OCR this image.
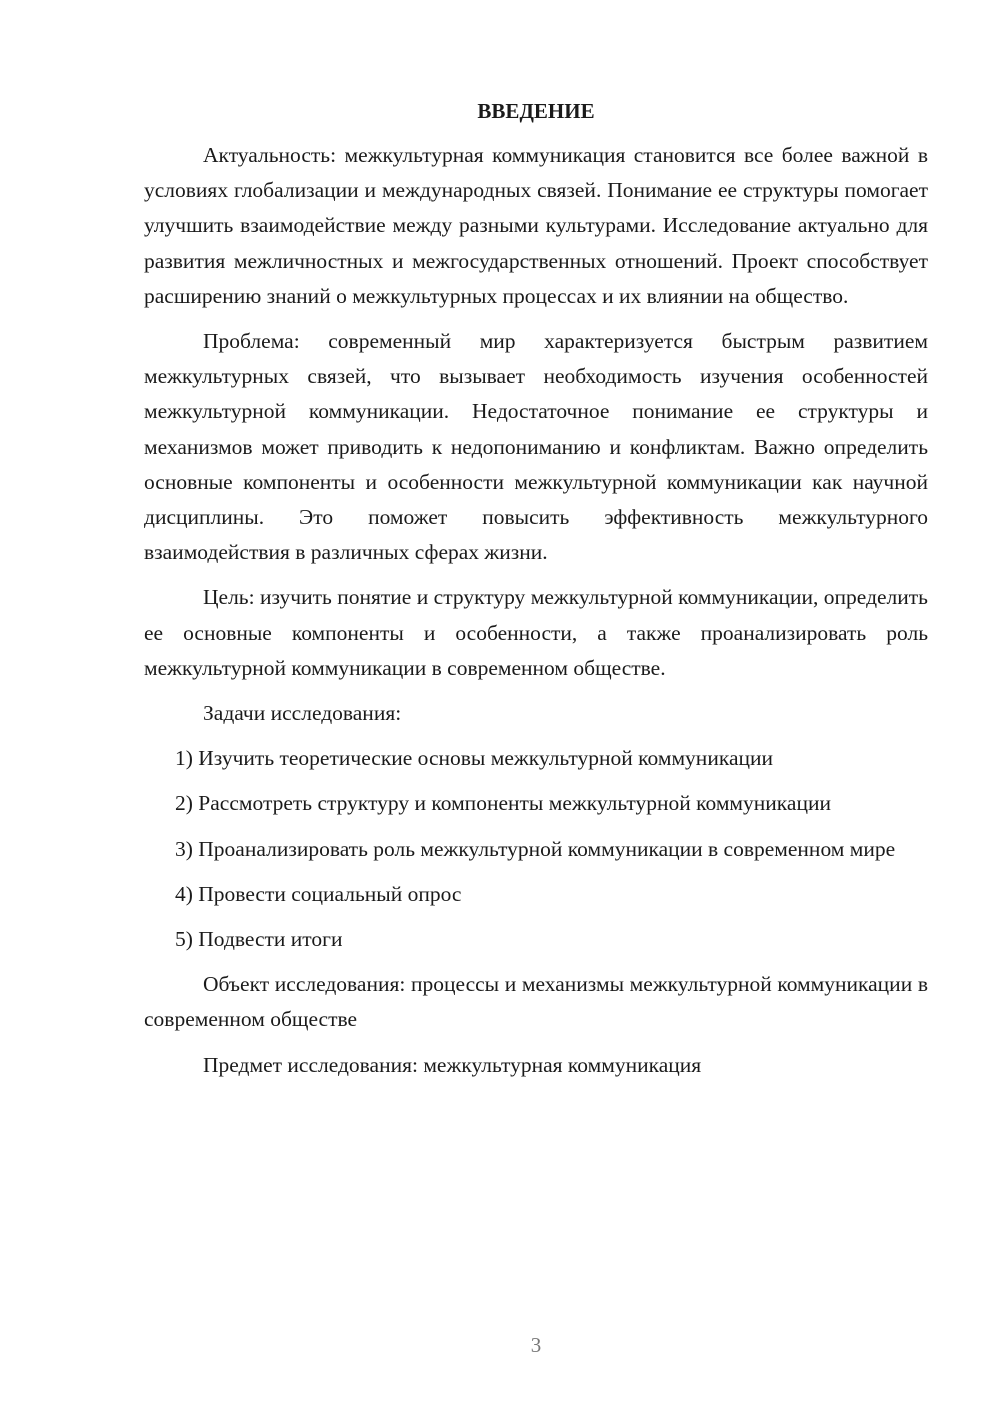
ВВЕДЕНИЕ

Актуальность: межкультурная коммуникация становится все более важной в условиях глобализации и международных связей. Понимание ее структуры помогает улучшить взаимодействие между разными культурами. Исследование актуально для развития межличностных и межгосударственных отношений. Проект способствует расширению знаний о межкультурных процессах и их влиянии на общество.

Проблема: современный мир характеризуется быстрым развитием межкультурных связей, что вызывает необходимость изучения особенностей межкультурной коммуникации. Недостаточное понимание ее структуры и механизмов может приводить к недопониманию и конфликтам. Важно определить основные компоненты и особенности межкультурной коммуникации как научной дисциплины. Это поможет повысить эффективность межкультурного взаимодействия в различных сферах жизни.

Цель: изучить понятие и структуру межкультурной коммуникации, определить ее основные компоненты и особенности, а также проанализировать роль межкультурной коммуникации в современном обществе.

Задачи исследования:

1) Изучить теоретические основы межкультурной коммуникации

2) Рассмотреть структуру и компоненты межкультурной коммуникации

3) Проанализировать роль межкультурной коммуникации в современном мире

4) Провести социальный опрос

5) Подвести итоги

Объект исследования: процессы и механизмы межкультурной коммуникации в современном обществе

Предмет исследования: межкультурная коммуникация

3
